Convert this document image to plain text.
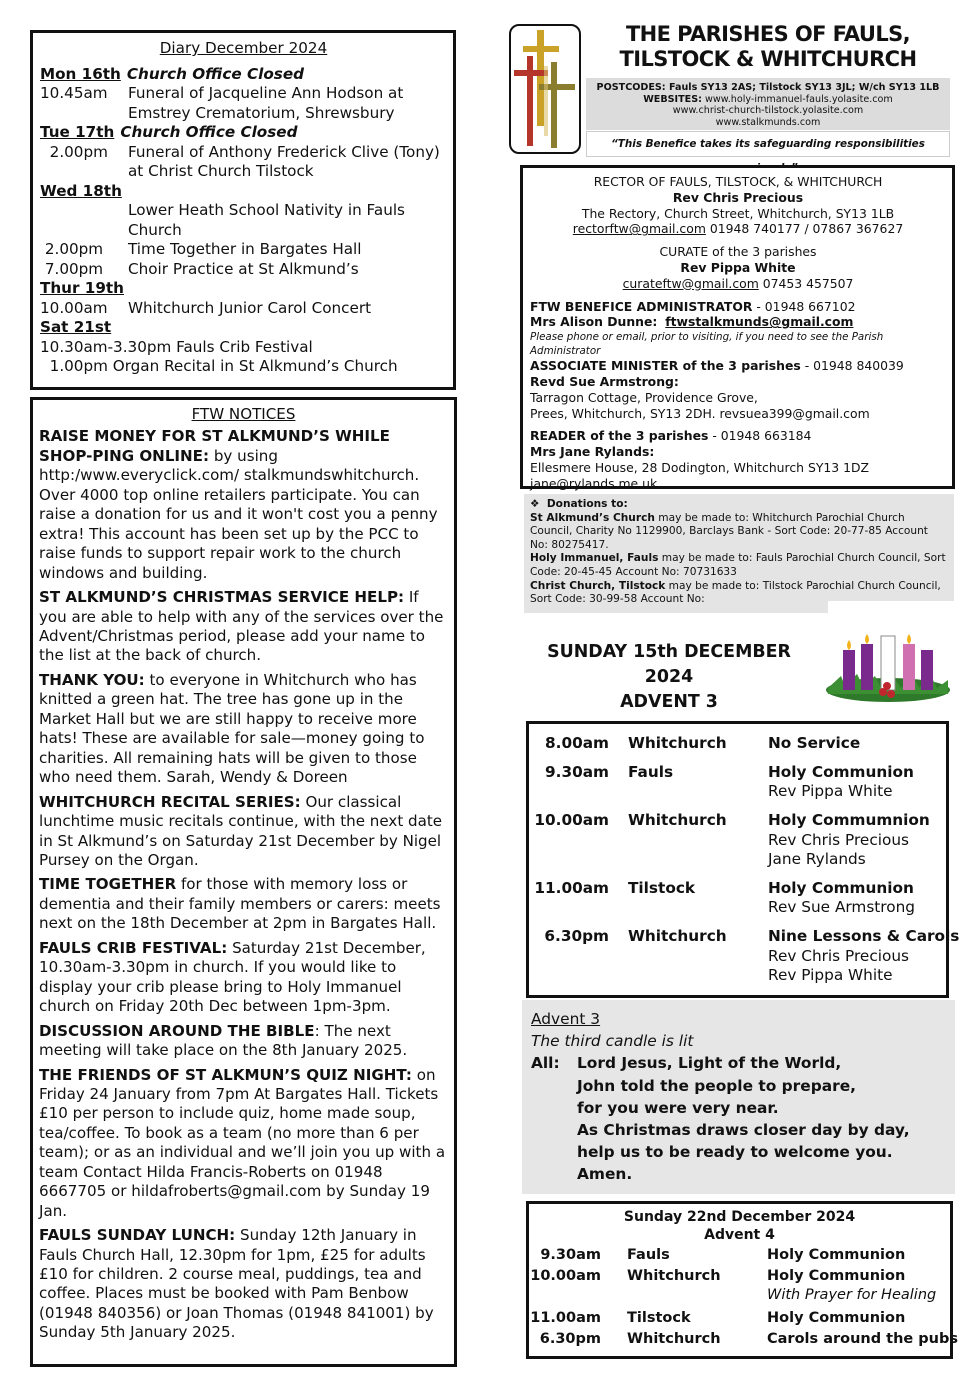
Diary December 2024
Mon 16th Church Office Closed
10.45am	Funeral of Jacqueline Ann Hodson at Emstrey Crematorium, Shrewsbury
Tue 17th Church Office Closed
2.00pm	Funeral of Anthony Frederick Clive (Tony) at Christ Church Tilstock
Wed 18th
Lower Heath School Nativity in Fauls Church
2.00pm	Time Together in Bargates Hall
7.00pm	Choir Practice at St Alkmund’s
Thur 19th
10.00am	Whitchurch Junior Carol Concert
Sat 21st
10.30am-3.30pm Fauls Crib Festival
1.00pm Organ Recital in St Alkmund’s Church
FTW NOTICES
RAISE MONEY FOR ST ALKMUND’S WHILE SHOP-PING ONLINE: by using http:/www.everyclick.com/ stalkmundswhitchurch. Over 4000 top online retailers participate. You can raise a donation for us and it won't cost you a penny extra! This account has been set up by the PCC to raise funds to support repair work to the church windows and building.
ST ALKMUND’S CHRISTMAS SERVICE HELP: If you are able to help with any of the services over the Advent/Christmas period, please add your name to the list at the back of church.
THANK YOU: to everyone in Whitchurch who has knitted a green hat. The tree has gone up in the Market Hall but we are still happy to receive more hats! These are available for sale—money going to charities. All remaining hats will be given to those who need them. Sarah, Wendy & Doreen
WHITCHURCH RECITAL SERIES: Our classical lunchtime music recitals continue, with the next date in St Alkmund’s on Saturday 21st December by Nigel Pursey on the Organ.
TIME TOGETHER for those with memory loss or dementia and their family members or carers: meets next on the 18th December at 2pm in Bargates Hall.
FAULS CRIB FESTIVAL: Saturday 21st December, 10.30am-3.30pm in church. If you would like to display your crib please bring to Holy Immanuel church on Friday 20th Dec between 1pm-3pm.
DISCUSSION AROUND THE BIBLE: The next meeting will take place on the 8th January 2025.
THE FRIENDS OF ST ALKMUN’S QUIZ NIGHT: on Friday 24 January from 7pm At Bargates Hall. Tickets £10 per person to include quiz, home made soup, tea/coffee. To book as a team (no more than 6 per team); or as an individual and we’ll join you up with a team Contact Hilda Francis-Roberts on 01948 6667705 or hildafroberts@gmail.com by Sunday 19 Jan.
FAULS SUNDAY LUNCH: Sunday 12th January in Fauls Church Hall, 12.30pm for 1pm, £25 for adults £10 for children. 2 course meal, puddings, tea and coffee. Places must be booked with Pam Benbow (01948 840356) or Joan Thomas (01948 841001) by Sunday 5th January 2025.
THE PARISHES OF FAULS,
TILSTOCK & WHITCHURCH
POSTCODES: Fauls SY13 2AS; Tilstock SY13 3JL; W/ch SY13 1LB
WEBSITES: www.holy-immanuel-fauls.yolasite.com
www.christ-church-tilstock.yolasite.com
www.stalkmunds.com
“This Benefice takes its safeguarding responsibilities
RECTOR OF FAULS, TILSTOCK, & WHITCHURCH
Rev Chris Precious
The Rectory, Church Street, Whitchurch, SY13 1LB
rectorftw@gmail.com 01948 740177 / 07867 367627
CURATE of the 3 parishes
Rev Pippa White
curateftw@gmail.com 07453 457507
FTW BENEFICE ADMINISTRATOR - 01948 667102
Mrs Alison Dunne: ftwstalkmunds@gmail.com
Please phone or email, prior to visiting, if you need to see the Parish Administrator
ASSOCIATE MINISTER of the 3 parishes - 01948 840039
Revd Sue Armstrong:
Tarragon Cottage, Providence Grove,
Prees, Whitchurch, SY13 2DH. revsuea399@gmail.com
READER of the 3 parishes - 01948 663184
Mrs Jane Rylands:
Ellesmere House, 28 Dodington, Whitchurch SY13 1DZ
jane@rylands.me.uk
❖ Donations to:
St Alkmund’s Church may be made to: Whitchurch Parochial Church Council, Charity No 1129900, Barclays Bank - Sort Code: 20-77-85 Account No: 80275417.
Holy Immanuel, Fauls may be made to: Fauls Parochial Church Council, Sort Code: 20-45-45 Account No: 70731633
Christ Church, Tilstock may be made to: Tilstock Parochial Church Council, Sort Code: 30-99-58 Account No:
SUNDAY 15th DECEMBER 2024
ADVENT 3
8.00am Whitchurch	No Service
9.30am Fauls	Holy Communion
Rev Pippa White
10.00am Whitchurch	Holy Commumnion
Rev Chris Precious
Jane Rylands
11.00am Tilstock	Holy Communion
Rev Sue Armstrong
6.30pm Whitchurch	Nine Lessons & Carols
Rev Chris Precious
Rev Pippa White
Advent 3
The third candle is lit
All:	Lord Jesus, Light of the World,
John told the people to prepare,
for you were very near.
As Christmas draws closer day by day,
help us to be ready to welcome you.
Amen.
Sunday 22nd December 2024
Advent 4
9.30am Fauls	Holy Communion
10.00am Whitchurch	Holy Communion
With Prayer for Healing
11.00am Tilstock	Holy Communion
6.30pm Whitchurch	Carols around the pubs
